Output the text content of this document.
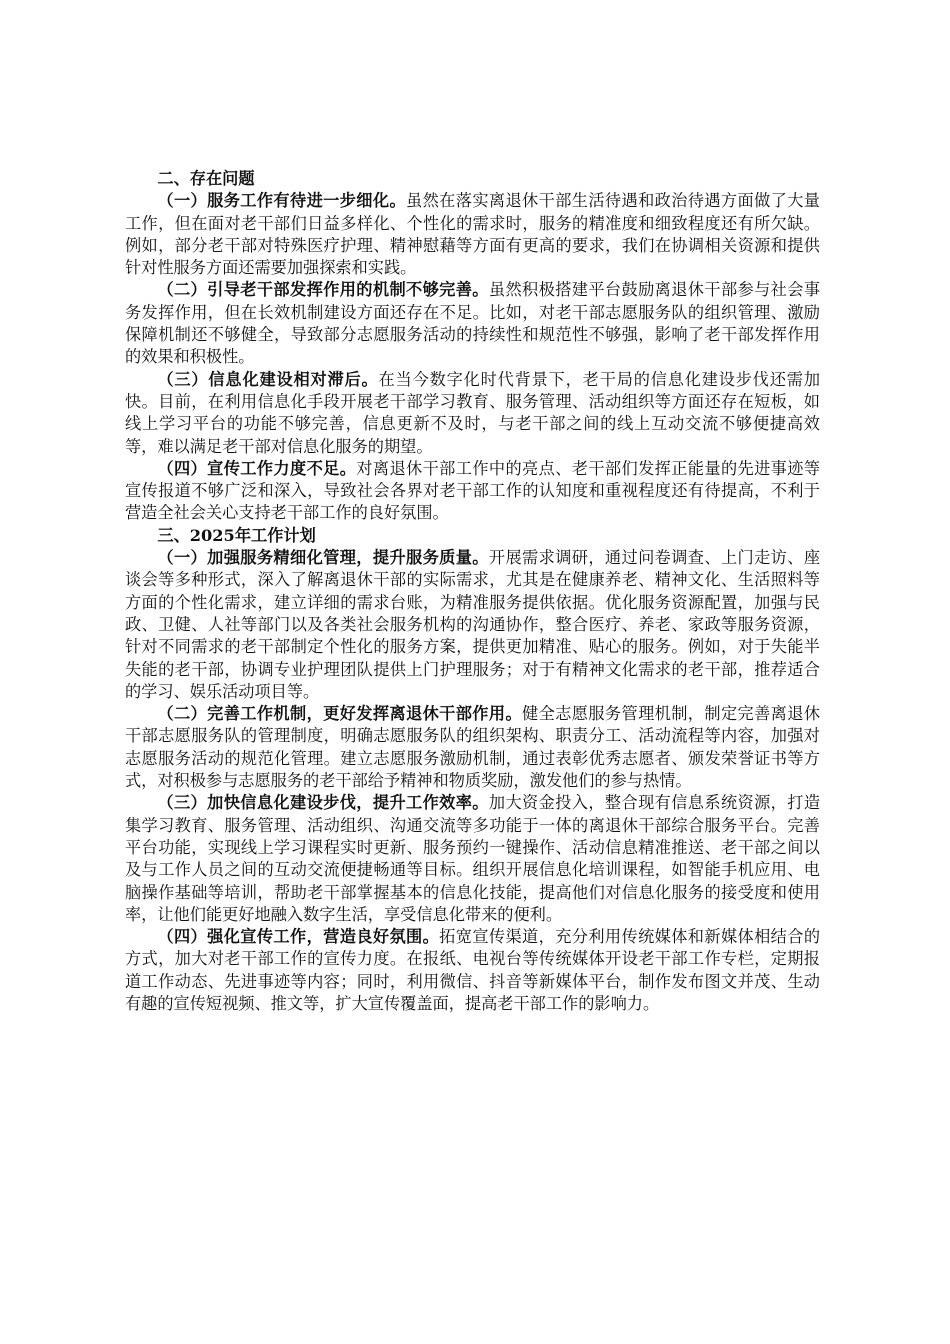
二、存在问题

（一）服务工作有待进一步细化。虽然在落实离退休干部生活待遇和政治待遇方面做了大量工作，但在面对老干部们日益多样化、个性化的需求时，服务的精准度和细致程度还有所欠缺。例如，部分老干部对特殊医疗护理、精神慰藉等方面有更高的要求，我们在协调相关资源和提供针对性服务方面还需要加强探索和实践。

（二）引导老干部发挥作用的机制不够完善。虽然积极搭建平台鼓励离退休干部参与社会事务发挥作用，但在长效机制建设方面还存在不足。比如，对老干部志愿服务队的组织管理、激励保障机制还不够健全，导致部分志愿服务活动的持续性和规范性不够强，影响了老干部发挥作用的效果和积极性。

（三）信息化建设相对滞后。在当今数字化时代背景下，老干局的信息化建设步伐还需加快。目前，在利用信息化手段开展老干部学习教育、服务管理、活动组织等方面还存在短板，如线上学习平台的功能不够完善，信息更新不及时，与老干部之间的线上互动交流不够便捷高效等，难以满足老干部对信息化服务的期望。

（四）宣传工作力度不足。对离退休干部工作中的亮点、老干部们发挥正能量的先进事迹等宣传报道不够广泛和深入，导致社会各界对老干部工作的认知度和重视程度还有待提高，不利于营造全社会关心支持老干部工作的良好氛围。

三、2025年工作计划

（一）加强服务精细化管理，提升服务质量。开展需求调研，通过问卷调查、上门走访、座谈会等多种形式，深入了解离退休干部的实际需求，尤其是在健康养老、精神文化、生活照料等方面的个性化需求，建立详细的需求台账，为精准服务提供依据。优化服务资源配置，加强与民政、卫健、人社等部门以及各类社会服务机构的沟通协作，整合医疗、养老、家政等服务资源，针对不同需求的老干部制定个性化的服务方案，提供更加精准、贴心的服务。例如，对于失能半失能的老干部，协调专业护理团队提供上门护理服务；对于有精神文化需求的老干部，推荐适合的学习、娱乐活动项目等。

（二）完善工作机制，更好发挥离退休干部作用。健全志愿服务管理机制，制定完善离退休干部志愿服务队的管理制度，明确志愿服务队的组织架构、职责分工、活动流程等内容，加强对志愿服务活动的规范化管理。建立志愿服务激励机制，通过表彰优秀志愿者、颁发荣誉证书等方式，对积极参与志愿服务的老干部给予精神和物质奖励，激发他们的参与热情。

（三）加快信息化建设步伐，提升工作效率。加大资金投入，整合现有信息系统资源，打造集学习教育、服务管理、活动组织、沟通交流等多功能于一体的离退休干部综合服务平台。完善平台功能，实现线上学习课程实时更新、服务预约一键操作、活动信息精准推送、老干部之间以及与工作人员之间的互动交流便捷畅通等目标。组织开展信息化培训课程，如智能手机应用、电脑操作基础等培训，帮助老干部掌握基本的信息化技能，提高他们对信息化服务的接受度和使用率，让他们能更好地融入数字生活，享受信息化带来的便利。

（四）强化宣传工作，营造良好氛围。拓宽宣传渠道，充分利用传统媒体和新媒体相结合的方式，加大对老干部工作的宣传力度。在报纸、电视台等传统媒体开设老干部工作专栏，定期报道工作动态、先进事迹等内容；同时，利用微信、抖音等新媒体平台，制作发布图文并茂、生动有趣的宣传短视频、推文等，扩大宣传覆盖面，提高老干部工作的影响力。
